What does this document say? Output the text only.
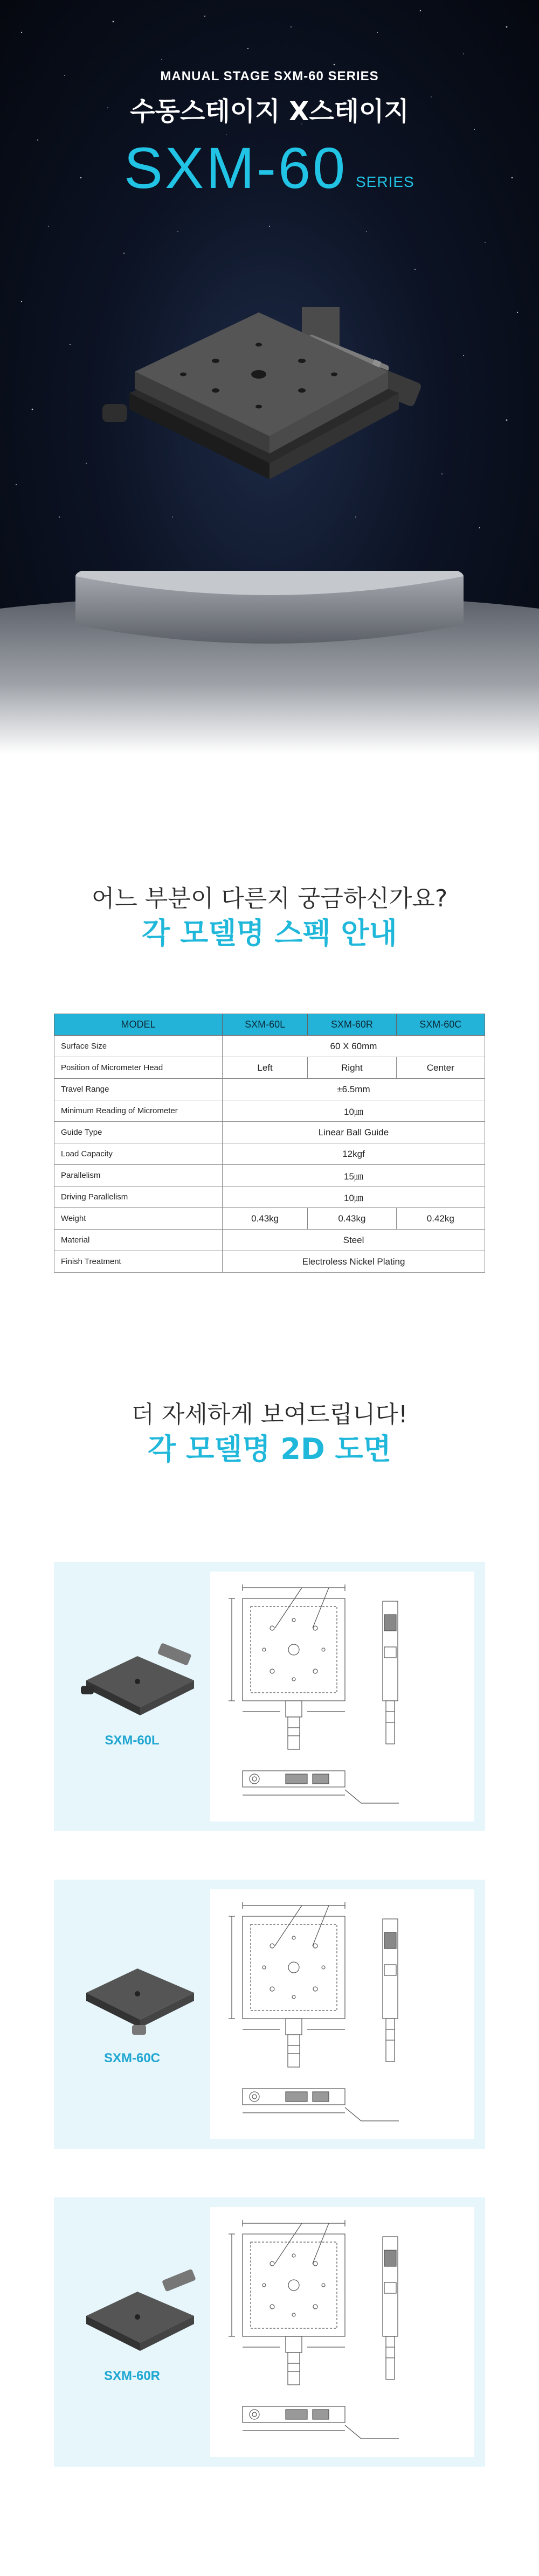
MANUAL STAGE SXM-60 SERIES
수동스테이지 X스테이지
SXM-60 SERIES
어느 부분이 다른지 궁금하신가요?
각 모델명 스펙 안내
MODEL	SXM-60L	SXM-60R	SXM-60C
Surface Size	60 X 60mm		
Position of Micrometer Head	Left	Right	Center
Travel Range	±6.5mm		
Minimum Reading of Micrometer	10㎛		
Guide Type	Linear Ball Guide		
Load Capacity	12kgf		
Parallelism	15㎛		
Driving Parallelism	10㎛		
Weight	0.43kg	0.43kg	0.42kg
Material	Steel		
Finish Treatment	Electroless Nickel Plating		
더 자세하게 보여드립니다!
각 모델명 2D 도면
SXM-60L
SXM-60C
SXM-60R
